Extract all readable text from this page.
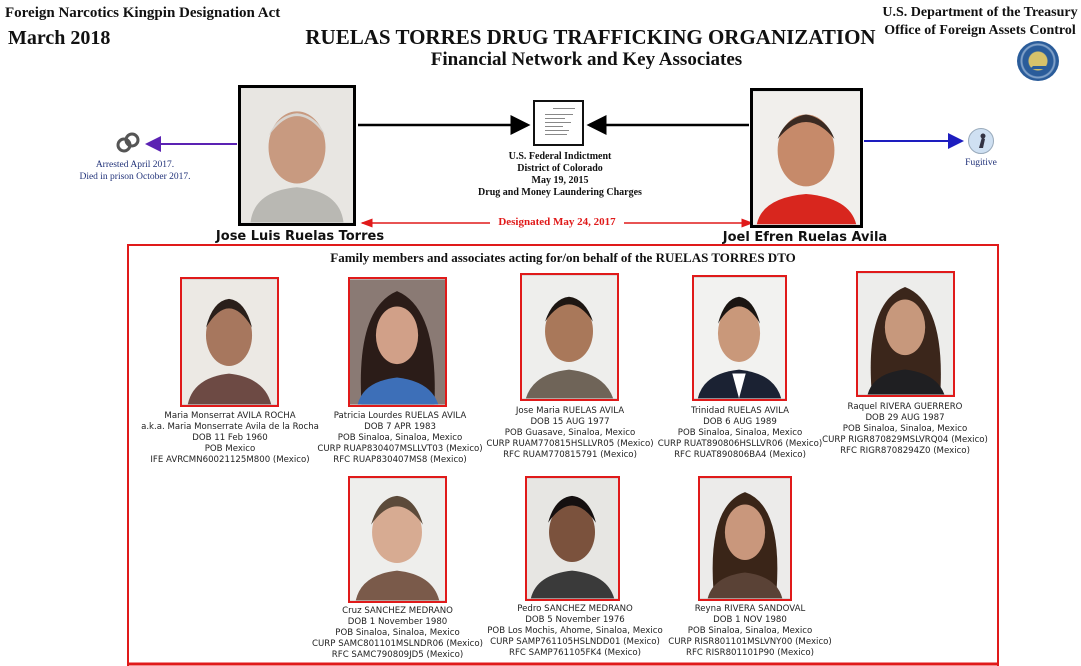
Foreign Narcotics Kingpin Designation Act
March 2018	RUELAS TORRES DRUG TRAFFICKING ORGANIZATION
Financial Network and Key Associates
U.S. Department of the Treasury
Office of Foreign Assets Control
Jose Luis Ruelas Torres
Arrested April 2017.
Died in prison October 2017.
Joel Efren Ruelas Avila
Fugitive
U.S. Federal Indictment
District of Colorado
May 19, 2015
Drug and Money Laundering Charges
Designated May 24, 2017
Family members and associates acting for/on behalf of the RUELAS TORRES DTO
Maria Monserrat AVILA ROCHA
a.k.a. Maria Monserrate Avila de la Rocha
DOB 11 Feb 1960
POB Mexico
IFE AVRCMN60021125M800 (Mexico)
Patricia Lourdes RUELAS AVILA
DOB 7 APR 1983
POB Sinaloa, Sinaloa, Mexico
CURP RUAP830407MSLLVT03 (Mexico)
RFC RUAP830407MS8 (Mexico)
Jose Maria RUELAS AVILA
DOB 15 AUG 1977
POB Guasave, Sinaloa, Mexico
CURP RUAM770815HSLLVR05 (Mexico)
RFC RUAM770815791 (Mexico)
Trinidad RUELAS AVILA
DOB 6 AUG 1989
POB Sinaloa, Sinaloa, Mexico
CURP RUAT890806HSLLVR06 (Mexico)
RFC RUAT890806BA4 (Mexico)
Raquel RIVERA GUERRERO
DOB 29 AUG 1987
POB Sinaloa, Sinaloa, Mexico
CURP RIGR870829MSLVRQ04 (Mexico)
RFC RIGR8708294Z0 (Mexico)
Cruz SANCHEZ MEDRANO
DOB 1 November 1980
POB Sinaloa, Sinaloa, Mexico
CURP SAMC801101MSLNDR06 (Mexico)
RFC SAMC790809JD5 (Mexico)
Pedro SANCHEZ MEDRANO
DOB 5 November 1976
POB Los Mochis, Ahome, Sinaloa, Mexico
CURP SAMP761105HSLNDD01 (Mexico)
RFC SAMP761105FK4 (Mexico)
Reyna RIVERA SANDOVAL
DOB 1 NOV 1980
POB Sinaloa, Sinaloa, Mexico
CURP RISR801101MSLVNY00 (Mexico)
RFC RISR801101P90 (Mexico)
